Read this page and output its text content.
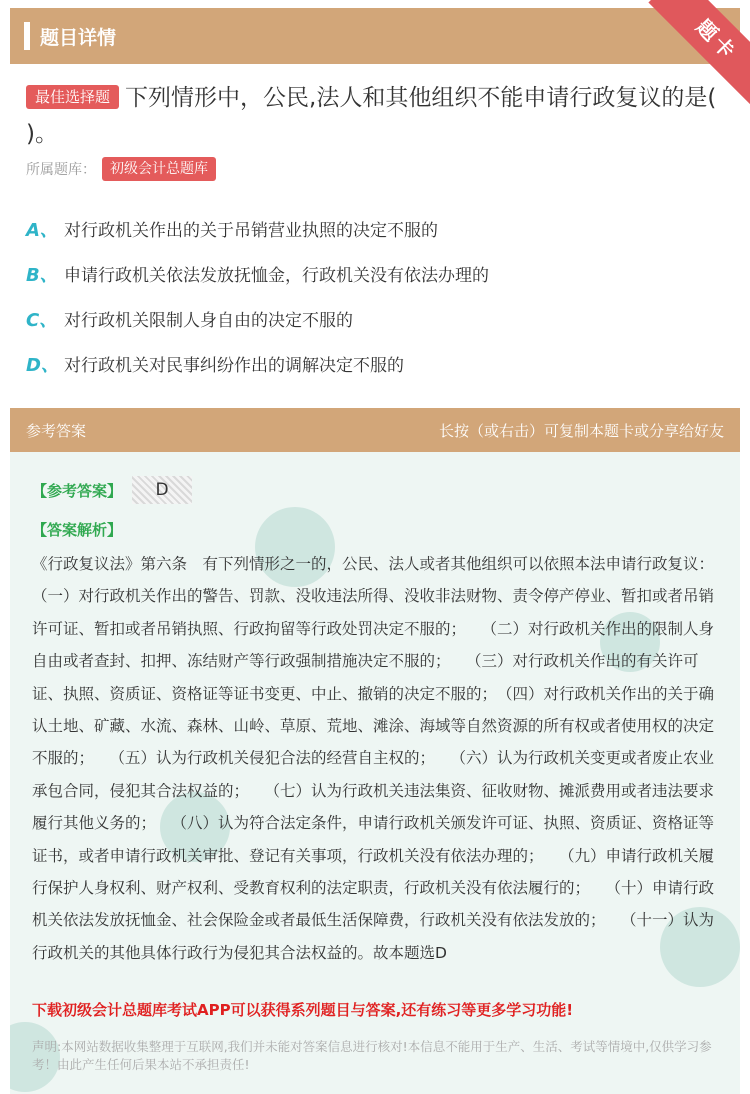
题目详情	题卡
最佳选择题 下列情形中，公民,法人和其他组织不能申请行政复议的是( )。
所属题库：	初级会计总题库
A、 对行政机关作出的关于吊销营业执照的决定不服的
B、 申请行政机关依法发放抚恤金，行政机关没有依法办理的
C、 对行政机关限制人身自由的决定不服的
D、 对行政机关对民事纠纷作出的调解决定不服的
参考答案	长按（或右击）可复制本题卡或分享给好友
【参考答案】	D
【答案解析】
《行政复议法》第六条　有下列情形之一的，公民、法人或者其他组织可以依照本法申请行政复议：　　（一）对行政机关作出的警告、罚款、没收违法所得、没收非法财物、责令停产停业、暂扣或者吊销许可证、暂扣或者吊销执照、行政拘留等行政处罚决定不服的；　　（二）对行政机关作出的限制人身自由或者查封、扣押、冻结财产等行政强制措施决定不服的；　　（三）对行政机关作出的有关许可证、执照、资质证、资格证等证书变更、中止、撤销的决定不服的；　（四）对行政机关作出的关于确认土地、矿藏、水流、森林、山岭、草原、荒地、滩涂、海域等自然资源的所有权或者使用权的决定不服的；　　（五）认为行政机关侵犯合法的经营自主权的；　　（六）认为行政机关变更或者废止农业承包合同，侵犯其合法权益的；　　（七）认为行政机关违法集资、征收财物、摊派费用或者违法要求履行其他义务的；　　（八）认为符合法定条件，申请行政机关颁发许可证、执照、资质证、资格证等证书，或者申请行政机关审批、登记有关事项，行政机关没有依法办理的；　　（九）申请行政机关履行保护人身权利、财产权利、受教育权利的法定职责，行政机关没有依法履行的；　　（十）申请行政机关依法发放抚恤金、社会保险金或者最低生活保障费，行政机关没有依法发放的；　　（十一）认为行政机关的其他具体行政行为侵犯其合法权益的。故本题选D
下载初级会计总题库考试APP可以获得系列题目与答案,还有练习等更多学习功能!
声明:本网站数据收集整理于互联网,我们并未能对答案信息进行核对!本信息不能用于生产、生活、考试等情境中,仅供学习参考！由此产生任何后果本站不承担责任!
